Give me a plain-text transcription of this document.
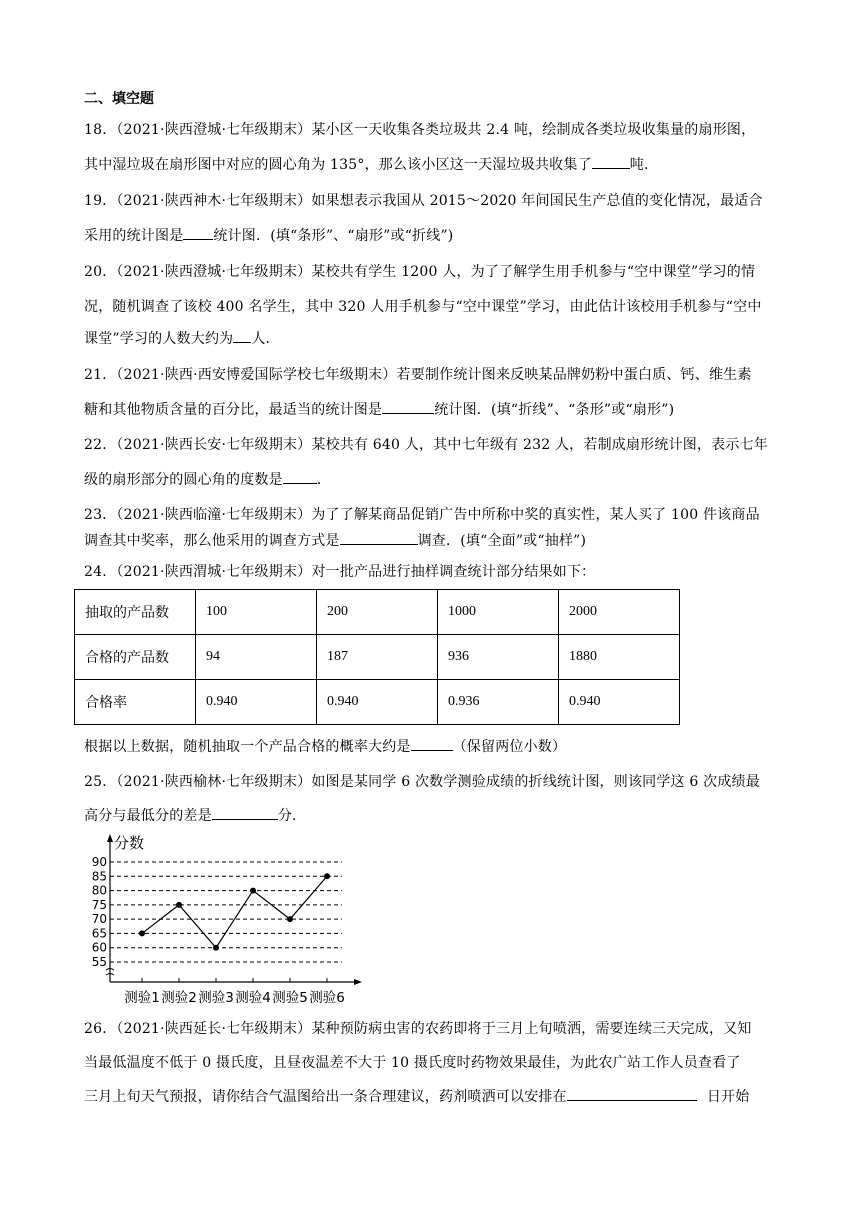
二、填空题
18．（2021·陕西澄城·七年级期末）某小区一天收集各类垃圾共 2.4 吨，绘制成各类垃圾收集量的扇形图，
其中湿垃圾在扇形图中对应的圆心角为 135°，那么该小区这一天湿垃圾共收集了	吨．
19．（2021·陕西神木·七年级期末）如果想表示我国从 2015～2020 年间国民生产总值的变化情况，最适合
采用的统计图是 统计图．(填“条形”、“扇形”或“折线”)
20．（2021·陕西澄城·七年级期末）某校共有学生 1200 人，为了了解学生用手机参与“空中课堂”学习的情
况，随机调查了该校 400 名学生，其中 320 人用手机参与“空中课堂”学习，由此估计该校用手机参与“空中
课堂”学习的人数大约为 人．
21．（2021·陕西·西安博爱国际学校七年级期末）若要制作统计图来反映某品牌奶粉中蛋白质、钙、维生素
糖和其他物质含量的百分比，最适当的统计图是	统计图．(填“折线”、“条形”或“扇形”)
22．（2021·陕西长安·七年级期末）某校共有 640 人，其中七年级有 232 人，若制成扇形统计图，表示七年
级的扇形部分的圆心角的度数是 ．
23．（2021·陕西临潼·七年级期末）为了了解某商品促销广告中所称中奖的真实性，某人买了 100 件该商品
调查其中奖率，那么他采用的调查方式是	调查．(填“全面”或“抽样”)
24．（2021·陕西渭城·七年级期末）对一批产品进行抽样调查统计部分结果如下：
抽取的产品数	100	200	1000	2000
合格的产品数	94	187	936	1880
合格率	0.940	0.940	0.936	0.940
根据以上数据，随机抽取一个产品合格的概率大约是	（保留两位小数）
25．（2021·陕西榆林·七年级期末）如图是某同学 6 次数学测验成绩的折线统计图，则该同学这 6 次成绩最
高分与最低分的差是	分．
分数
55
60
65
70
75
80
85
90
测验1 测验2 测验3 测验4 测验5 测验6
26．（2021·陕西延长·七年级期末）某种预防病虫害的农药即将于三月上旬喷洒，需要连续三天完成，又知
当最低温度不低于 0 摄氏度，且昼夜温差不大于 10 摄氏度时药物效果最佳，为此农广站工作人员查看了
三月上旬天气预报，请你结合气温图给出一条合理建议，药剂喷洒可以安排在	日开始
